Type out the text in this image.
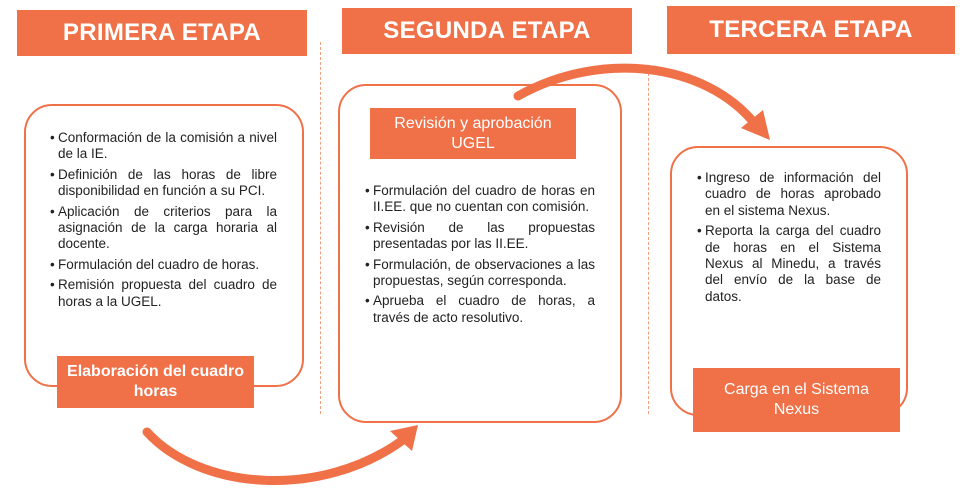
PRIMERA ETAPA
• Conformación de la comisión a nivel de la IE.
• Definición de las horas de libre disponibilidad en función a su PCI.
• Aplicación de criterios para la asignación de la carga horaria al docente.
• Formulación del cuadro de horas.
• Remisión propuesta del cuadro de horas a la UGEL.
Elaboración del cuadro horas
SEGUNDA ETAPA
Revisión y aprobación UGEL
• Formulación del cuadro de horas en II.EE. que no cuentan con comisión.
• Revisión de las propuestas presentadas por las II.EE.
• Formulación, de observaciones a las propuestas, según corresponda.
• Aprueba el cuadro de horas, a través de acto resolutivo.
TERCERA ETAPA
• Ingreso de información del cuadro de horas aprobado en el sistema Nexus.
• Reporta la carga del cuadro de horas en el Sistema Nexus al Minedu, a través del envío de la base de datos.
Carga en el Sistema Nexus
